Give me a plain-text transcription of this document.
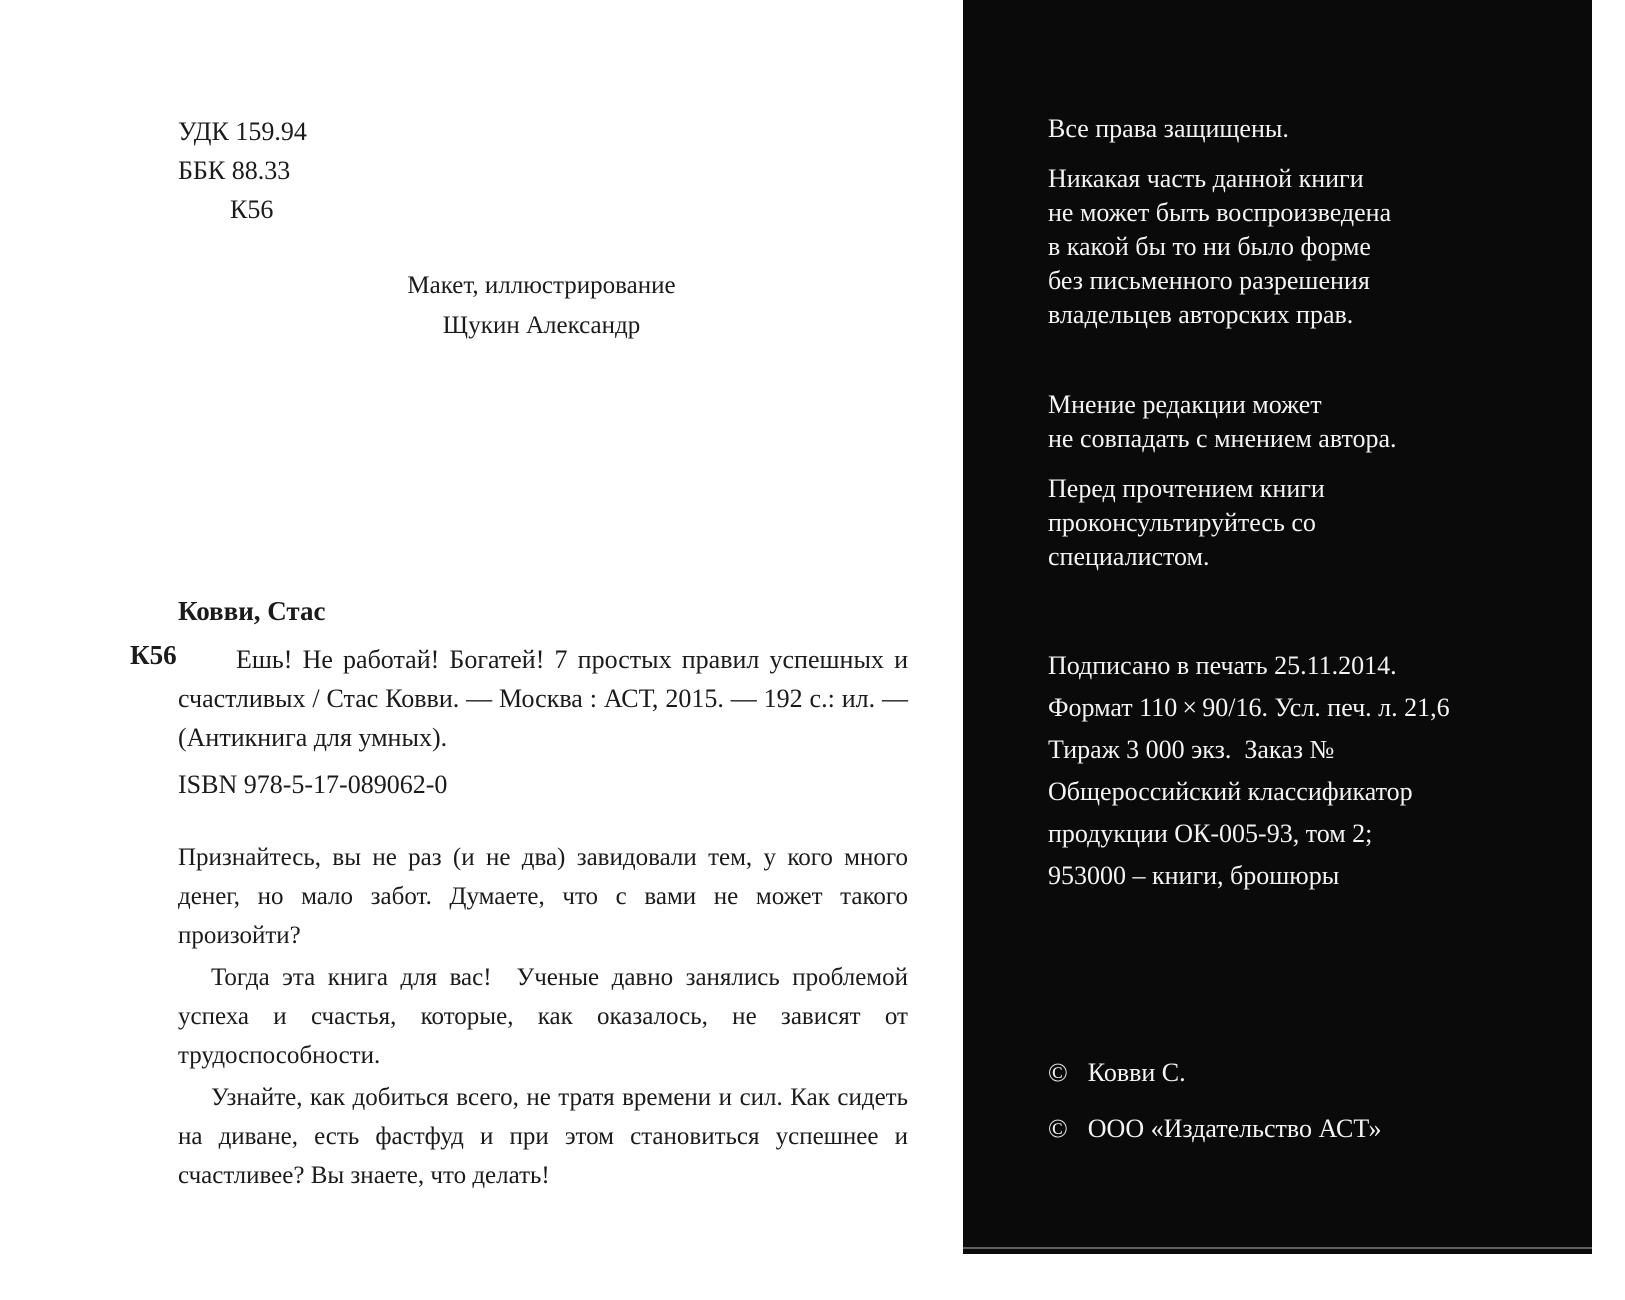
УДК 159.94
ББК 88.33
К56
Макет, иллюстрирование
Щукин Александр
Ковви, Стас
К56	Ешь! Не работай! Богатей! 7 простых правил успешных и счастливых / Стас Ковви. — Москва : АСТ, 2015. — 192 с.: ил. — (Антикнига для умных).

ISBN 978-5-17-089062-0

Признайтесь, вы не раз (и не два) завидовали тем, у кого много денег, но мало забот. Думаете, что с вами не может такого произойти?

Тогда эта книга для вас!  Ученые давно занялись проблемой успеха и счастья, которые, как оказалось, не зависят от трудоспособности.

Узнайте, как добиться всего, не тратя времени и сил. Как сидеть на диване, есть фастфуд и при этом становиться успешнее и счастливее? Вы знаете, что делать!

Все права защищены.
Никакая часть данной книги
не может быть воспроизведена
в какой бы то ни было форме
без письменного разрешения
владельцев авторских прав.
Мнение редакции может
не совпадать с мнением автора.
Перед прочтением книги
проконсультируйтесь со
специалистом.
Подписано в печать 25.11.2014.
Формат 110 × 90/16. Усл. печ. л. 21,6
Тираж 3 000 экз.  Заказ №
Общероссийский классификатор
продукции ОК-005-93, том 2;
953000 – книги, брошюры
© Ковви С.
© ООО «Издательство АСТ»
